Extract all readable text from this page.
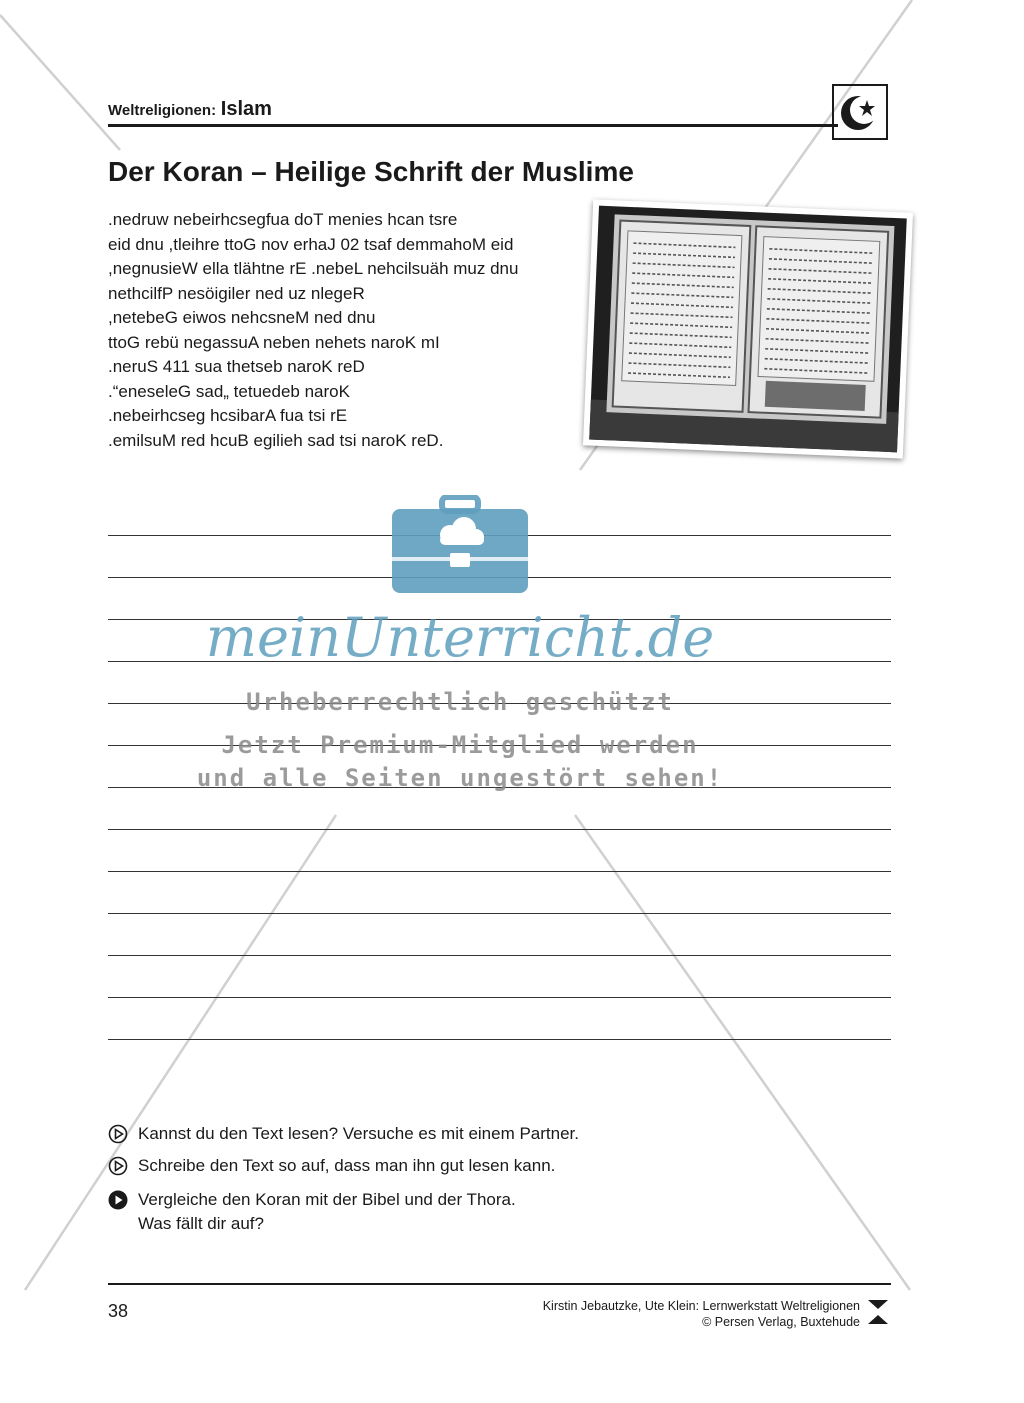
Weltreligionen: Islam
Der Koran – Heilige Schrift der Muslime
.nedruw nebeirhcsegfua doT menies hcan tsre
eid dnu ,tleihre ttoG nov erhaJ 02 tsaf demmahoM eid
,negnusieW ella tlähtne rE .nebeL nehcilsuäh muz dnu
nethcilfP nesöigiler ned uz nlegeR
,netebeG eiwos nehcsneM ned dnu
ttoG rebü negassuA neben nehets naroK mI
.neruS 411 sua thetseb naroK reD
.“eneseleG sad„ tetuedeb naroK
.nebeirhcseg hcsibarA fua tsi rE
.emilsuM red hcuB egilieh sad tsi naroK reD.
meinUnterricht.de
Urheberrechtlich geschützt
Jetzt Premium-Mitglied werden
und alle Seiten ungestört sehen!
Kannst du den Text lesen? Versuche es mit einem Partner.
Schreibe den Text so auf, dass man ihn gut lesen kann.
Vergleiche den Koran mit der Bibel und der Thora.
Was fällt dir auf?
38	Kirstin Jebautzke, Ute Klein: Lernwerkstatt Weltreligionen
© Persen Verlag, Buxtehude
